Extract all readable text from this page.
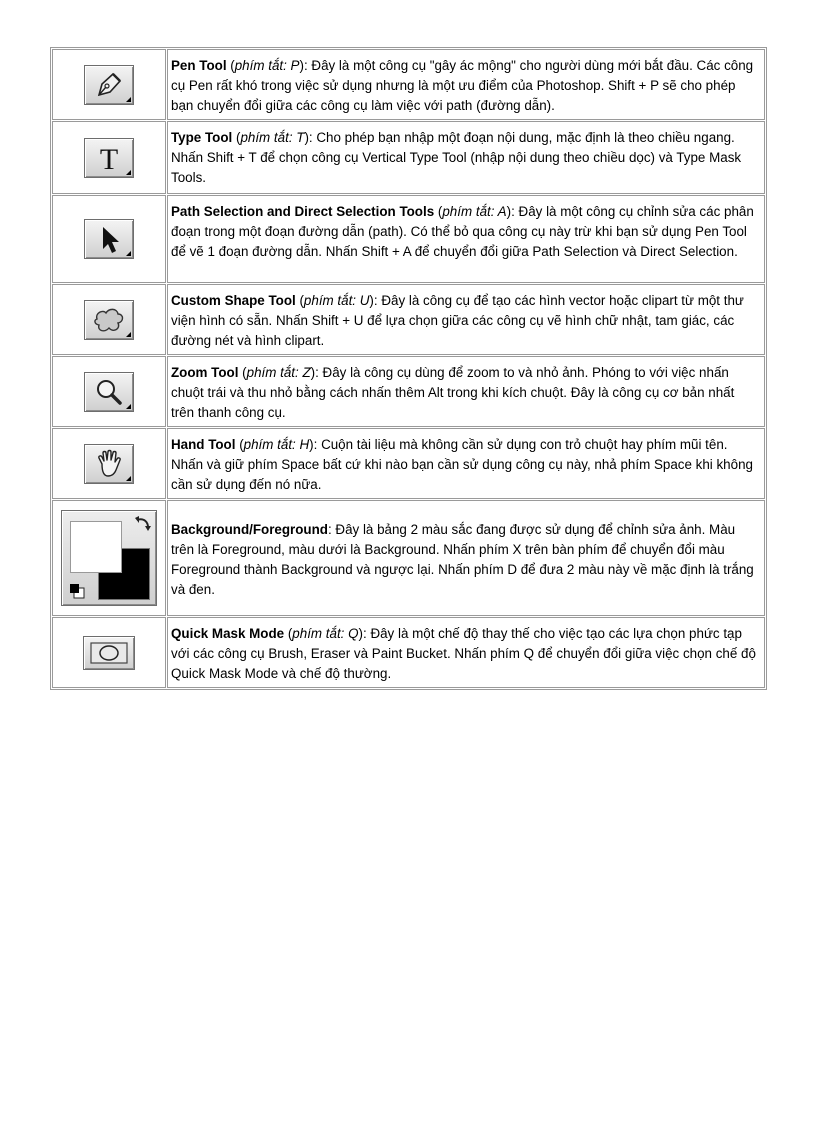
	Pen Tool (phím tắt: P): Đây là một công cụ "gây ác mộng" cho người dùng mới bắt đầu. Các công cụ Pen rất khó trong việc sử dụng nhưng là một ưu điểm của Photoshop. Shift + P sẽ cho phép bạn chuyển đổi giữa các công cụ làm việc với path (đường dẫn).

T	Type Tool (phím tắt: T): Cho phép bạn nhập một đoạn nội dung, mặc định là theo chiều ngang. Nhấn Shift + T để chọn công cụ Vertical Type Tool (nhập nội dung theo chiều dọc) và Type Mask Tools.

	Path Selection and Direct Selection Tools (phím tắt: A): Đây là một công cụ chỉnh sửa các phân đoạn trong một đoạn đường dẫn (path). Có thể bỏ qua công cụ này trừ khi bạn sử dụng Pen Tool để vẽ 1 đoạn đường dẫn. Nhấn Shift + A để chuyển đổi giữa Path Selection và Direct Selection.

	Custom Shape Tool (phím tắt: U): Đây là công cụ để tạo các hình vector hoặc clipart từ một thư viện hình có sẵn. Nhấn Shift + U để lựa chọn giữa các công cụ vẽ hình chữ nhật, tam giác, các đường nét và hình clipart.

	Zoom Tool (phím tắt: Z): Đây là công cụ dùng để zoom to và nhỏ ảnh. Phóng to với việc nhấn chuột trái và thu nhỏ bằng cách nhấn thêm Alt trong khi kích chuột. Đây là công cụ cơ bản nhất trên thanh công cụ.

	Hand Tool (phím tắt: H): Cuộn tài liệu mà không cần sử dụng con trỏ chuột hay phím mũi tên. Nhấn và giữ phím Space bất cứ khi nào bạn cần sử dụng công cụ này, nhả phím Space khi không cần sử dụng đến nó nữa.

	Background/Foreground: Đây là bảng 2 màu sắc đang được sử dụng để chỉnh sửa ảnh. Màu trên là Foreground, màu dưới là Background. Nhấn phím X trên bàn phím để chuyển đổi màu Foreground thành Background và ngược lại. Nhấn phím D để đưa 2 màu này về mặc định là trắng và đen.

	Quick Mask Mode (phím tắt: Q): Đây là một chế độ thay thế cho việc tạo các lựa chọn phức tạp với các công cụ Brush, Eraser và Paint Bucket. Nhấn phím Q để chuyển đổi giữa việc chọn chế độ Quick Mask Mode và chế độ thường.
